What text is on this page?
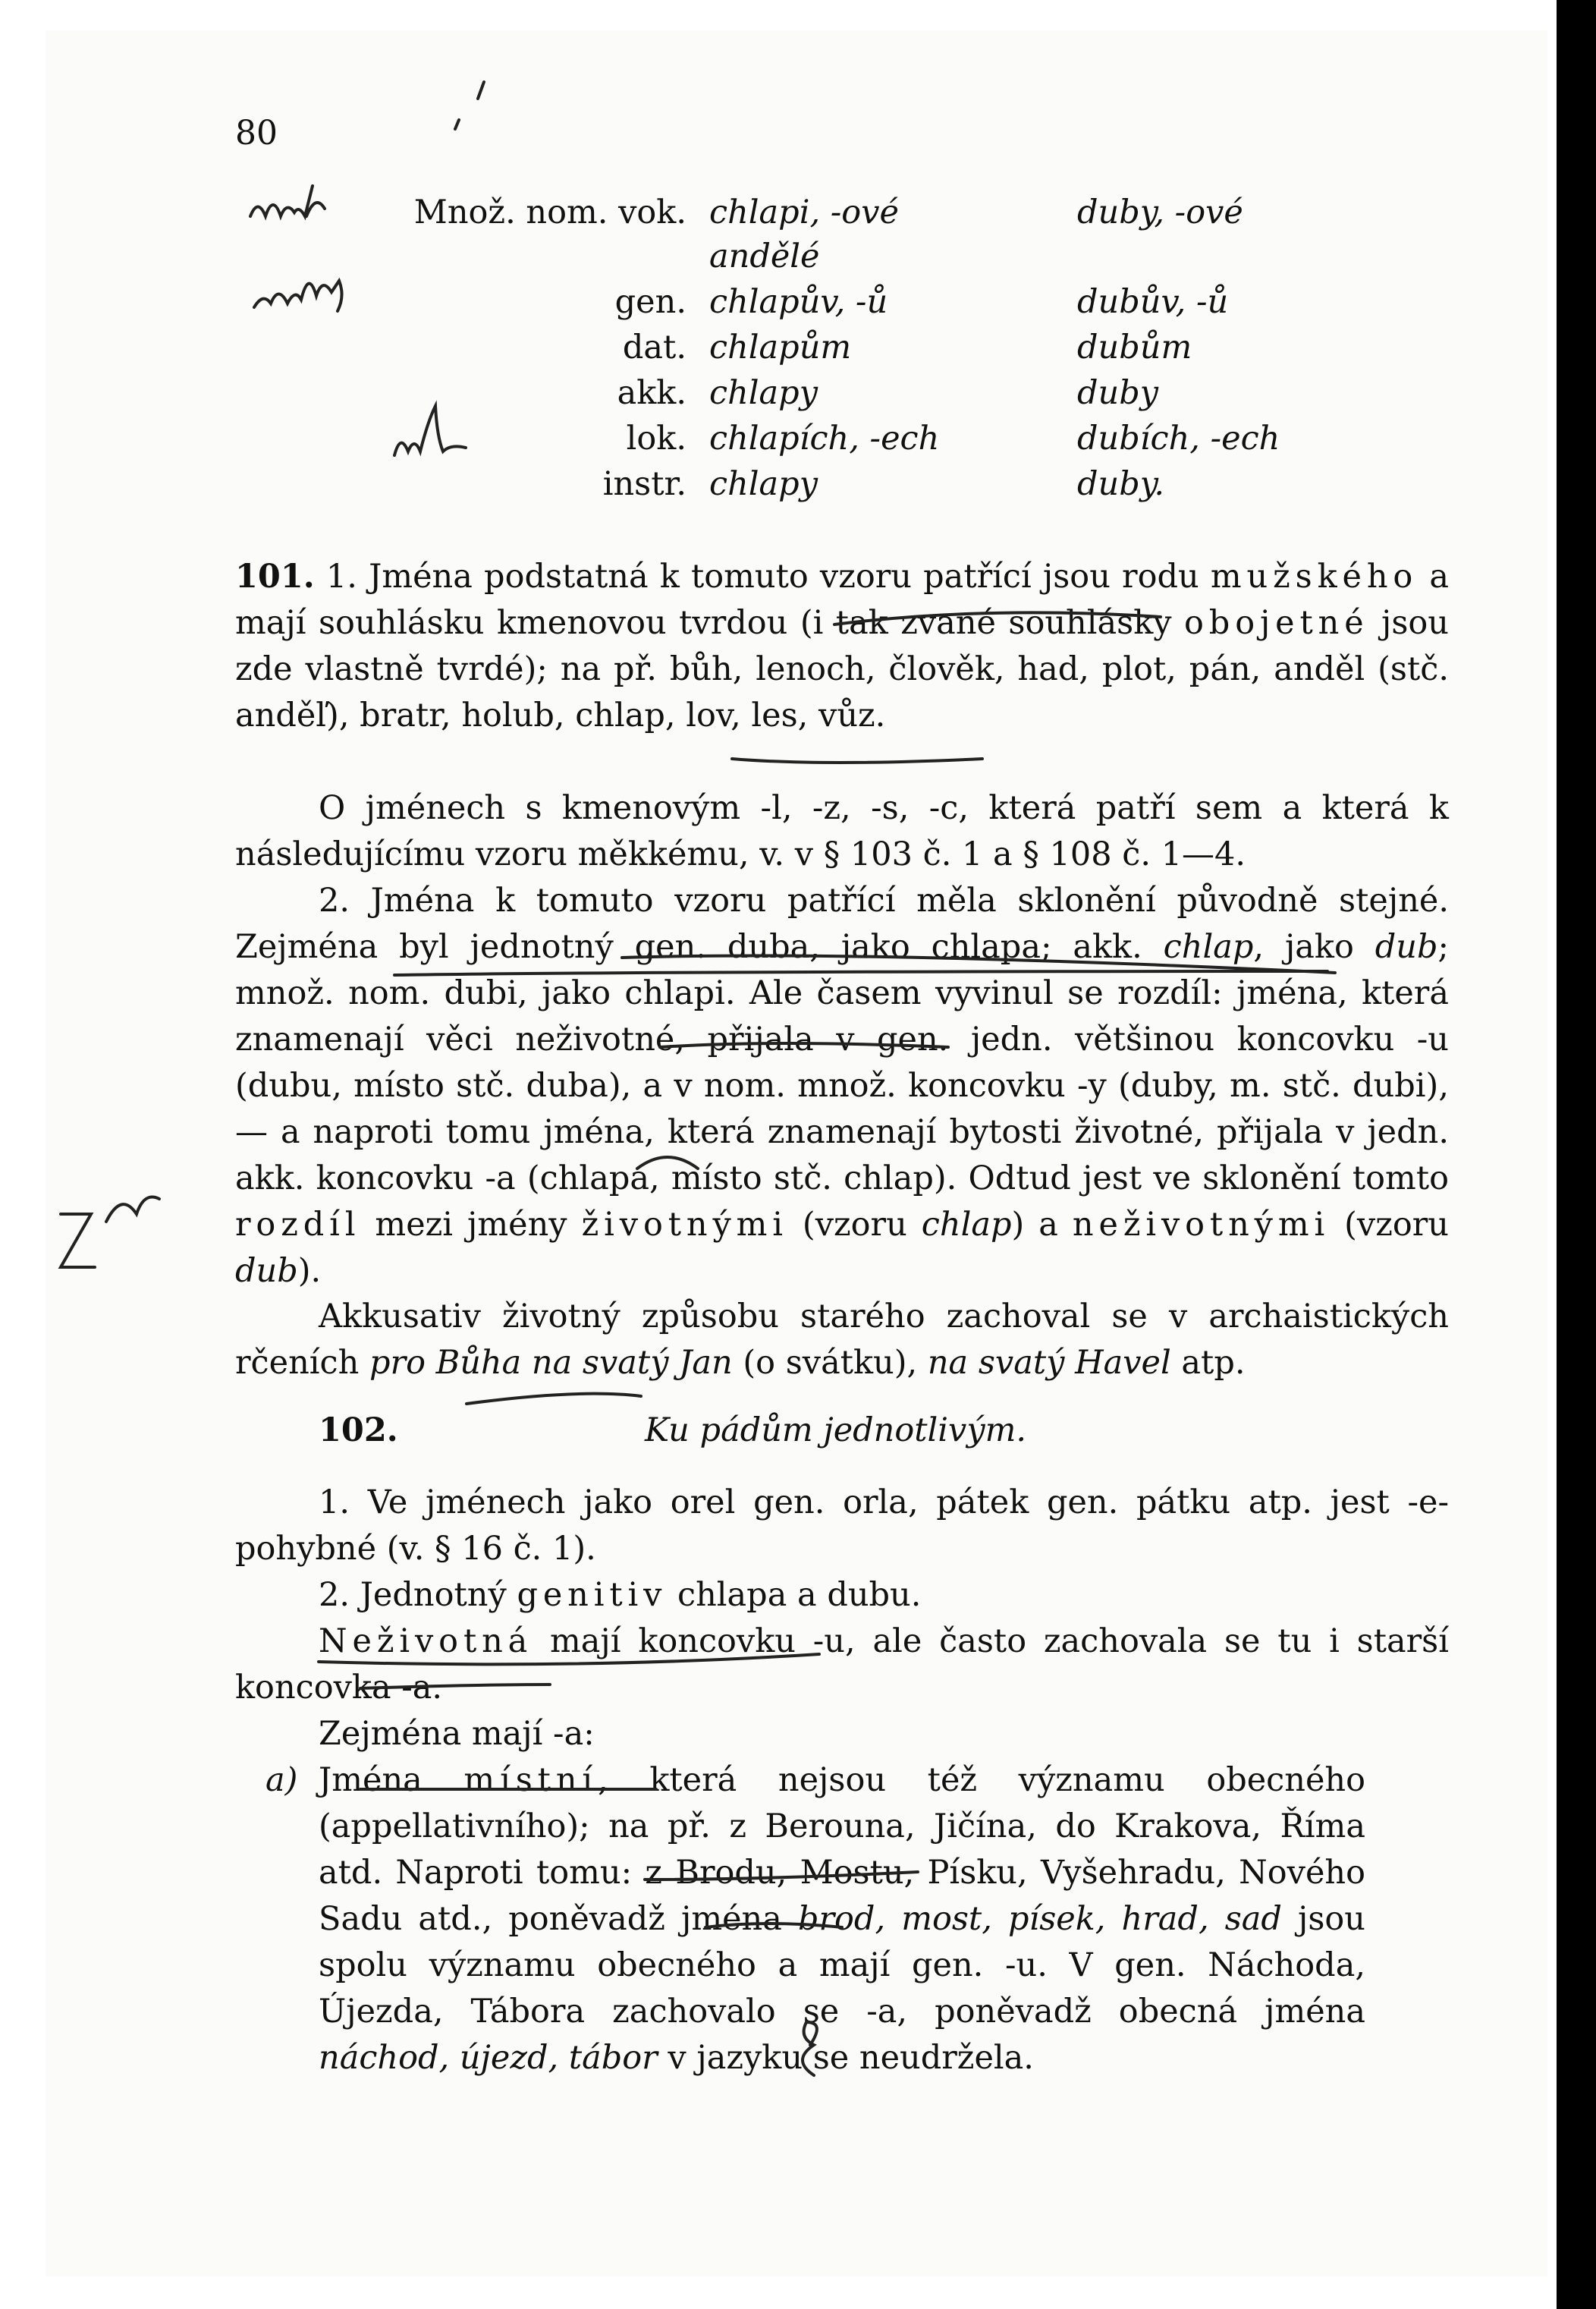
80
Množ. nom. vok. chlapi, -ové	duby, -ové
andělé
gen. chlapův, -ů	dubův, -ů
dat. chlapům	dubům
akk. chlapy	duby
lok. chlapích, -ech	dubích, -ech
instr. chlapy	duby.
101. 1. Jména podstatná k tomuto vzoru patřící jsou rodu mužského a mají souhlásku kmenovou tvrdou (i tak zvané souhlásky obojetné jsou zde vlastně tvrdé); na př. bůh, lenoch, člověk, had, plot, pán, anděl (stč. anděľ), bratr, holub, chlap, lov, les, vůz.
O jménech s kmenovým -l, -z, -s, -c, která patří sem a která k následujícímu vzoru měkkému, v. v § 103 č. 1 a § 108 č. 1—4.
2. Jména k tomuto vzoru patřící měla sklonění původně stejné. Zejména byl jednotný gen. duba, jako chlapa; akk. chlap, jako dub; množ. nom. dubi, jako chlapi. Ale časem vyvinul se rozdíl: jména, která znamenají věci neživotné, přijala v gen. jedn. většinou koncovku -u (dubu, místo stč. duba), a v nom. množ. koncovku -y (duby, m. stč. dubi), — a naproti tomu jména, která znamenají bytosti životné, přijala v jedn. akk. koncovku -a (chlapa, místo stč. chlap). Odtud jest ve sklonění tomto rozdíl mezi jmény životnými (vzoru chlap) a neživotnými (vzoru dub).
Akkusativ životný způsobu starého zachoval se v archaistických rčeních pro Bůha na svatý Jan (o svátku), na svatý Havel atp.
102.	Ku pádům jednotlivým.
1. Ve jménech jako orel gen. orla, pátek gen. pátku atp. jest -e- pohybné (v. § 16 č. 1).
2. Jednotný genitiv chlapa a dubu.
Neživotná mají koncovku -u, ale často zachovala se tu i starší koncovka -a.
Zejména mají -a:
a) Jména místní, která nejsou též významu obecného (appellativního); na př. z Berouna, Jičína, do Krakova, Říma atd. Naproti tomu: z Brodu, Mostu, Písku, Vyšehradu, Nového Sadu atd., poněvadž jména brod, most, písek, hrad, sad jsou spolu významu obecného a mají gen. -u. V gen. Náchoda, Újezda, Tábora zachovalo se -a, poněvadž obecná jména náchod, újezd, tábor v jazyku se neudržela.
